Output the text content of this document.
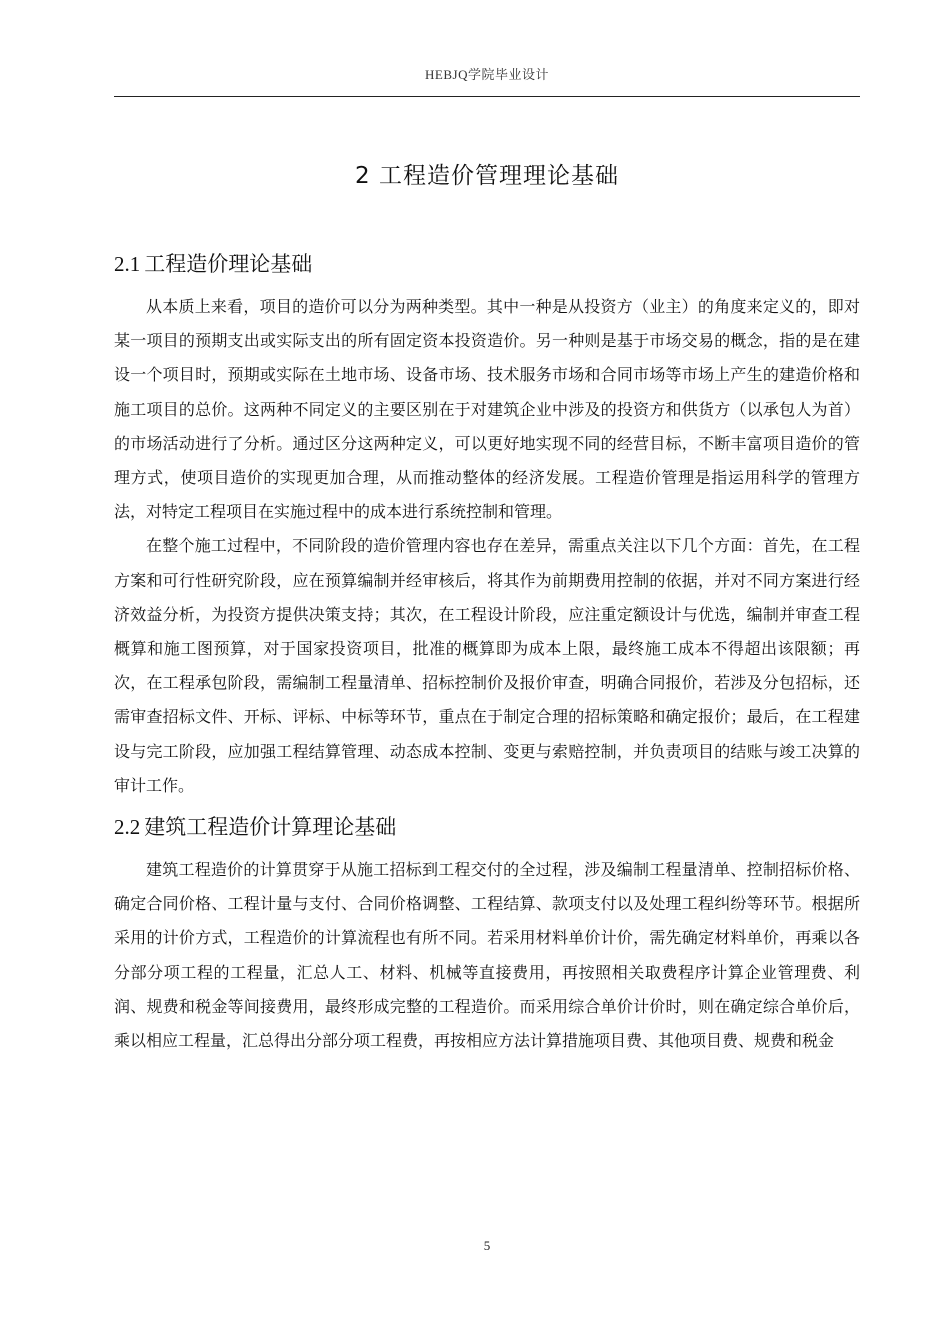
HEBJQ学院毕业设计
2 工程造价管理理论基础
2.1 工程造价理论基础

从本质上来看，项目的造价可以分为两种类型。其中一种是从投资方（业主）的角度来定义的，即对某一项目的预期支出或实际支出的所有固定资本投资造价。另一种则是基于市场交易的概念，指的是在建设一个项目时，预期或实际在土地市场、设备市场、技术服务市场和合同市场等市场上产生的建造价格和施工项目的总价。这两种不同定义的主要区别在于对建筑企业中涉及的投资方和供货方（以承包人为首）的市场活动进行了分析。通过区分这两种定义，可以更好地实现不同的经营目标，不断丰富项目造价的管理方式，使项目造价的实现更加合理，从而推动整体的经济发展。工程造价管理是指运用科学的管理方法，对特定工程项目在实施过程中的成本进行系统控制和管理。

在整个施工过程中，不同阶段的造价管理内容也存在差异，需重点关注以下几个方面：首先，在工程方案和可行性研究阶段，应在预算编制并经审核后，将其作为前期费用控制的依据，并对不同方案进行经济效益分析，为投资方提供决策支持；其次，在工程设计阶段，应注重定额设计与优选，编制并审查工程概算和施工图预算，对于国家投资项目，批准的概算即为成本上限，最终施工成本不得超出该限额；再次，在工程承包阶段，需编制工程量清单、招标控制价及报价审查，明确合同报价，若涉及分包招标，还需审查招标文件、开标、评标、中标等环节，重点在于制定合理的招标策略和确定报价；最后，在工程建设与完工阶段，应加强工程结算管理、动态成本控制、变更与索赔控制，并负责项目的结账与竣工决算的审计工作。

2.2 建筑工程造价计算理论基础

建筑工程造价的计算贯穿于从施工招标到工程交付的全过程，涉及编制工程量清单、控制招标价格、确定合同价格、工程计量与支付、合同价格调整、工程结算、款项支付以及处理工程纠纷等环节。根据所采用的计价方式，工程造价的计算流程也有所不同。若采用材料单价计价，需先确定材料单价，再乘以各分部分项工程的工程量，汇总人工、材料、机械等直接费用，再按照相关取费程序计算企业管理费、利润、规费和税金等间接费用，最终形成完整的工程造价。而采用综合单价计价时，则在确定综合单价后，乘以相应工程量，汇总得出分部分项工程费，再按相应方法计算措施项目费、其他项目费、规费和税金

5
